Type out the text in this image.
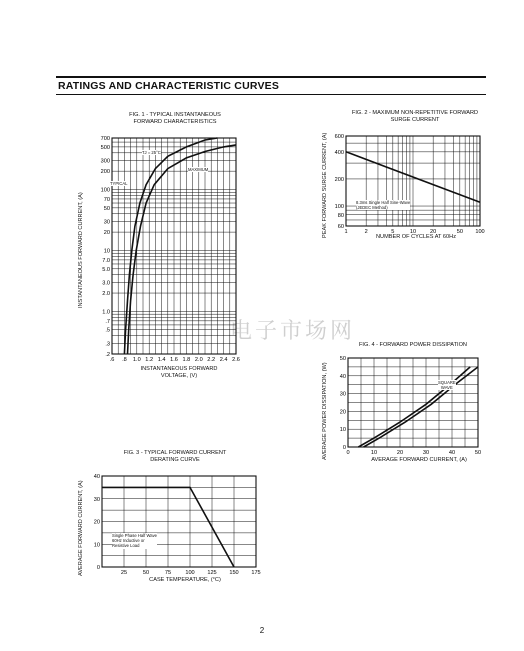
RATINGS AND CHARACTERISTIC CURVES
电子市场网
FIG. 1 - TYPICAL INSTANTANEOUS
FORWARD CHARACTERISTICS
.6 .8 1.0 1.2 1.4 1.6 1.8 2.0 2.2 2.4 2.6
700
500
300
200
100
70
50
30
20
10
7.0
5.0
3.0
2.0
1.0
.7
.5
.3
.2
INSTANTANEOUS FORWARD CURRENT, (A)
INSTANTANEOUS FORWARD
VOLTAGE, (V)
TJ = 25°C
TYPICAL
MAXIMUM
FIG. 2 - MAXIMUM NON-REPETITIVE FORWARD
SURGE CURRENT
1	2	5	10 20	50 100
600
400
200
100
80
60
PEAK FORWARD SURGE CURRENT, (A)	NUMBER OF CYCLES AT 60Hz
8.3ms Single Half Sine-Wave
(JEDEC Method)
FIG. 3 - TYPICAL FORWARD CURRENT
DERATING CURVE
25	50	75	100 125 150 175
40
30
20
10
0
AVERAGE FORWARD CURRENT, (A)
CASE TEMPERATURE, (°C)
Single Phase Half Wave
60Hz Inductive or
Resistive Load
FIG. 4 - FORWARD POWER DISSIPATION
0	10	20	30	40	50
50
40
30
20
10
0
AVERAGE POWER DISSIPATION, (W)	AVERAGE FORWARD CURRENT, (A)
SQUARE
WAVE
2
